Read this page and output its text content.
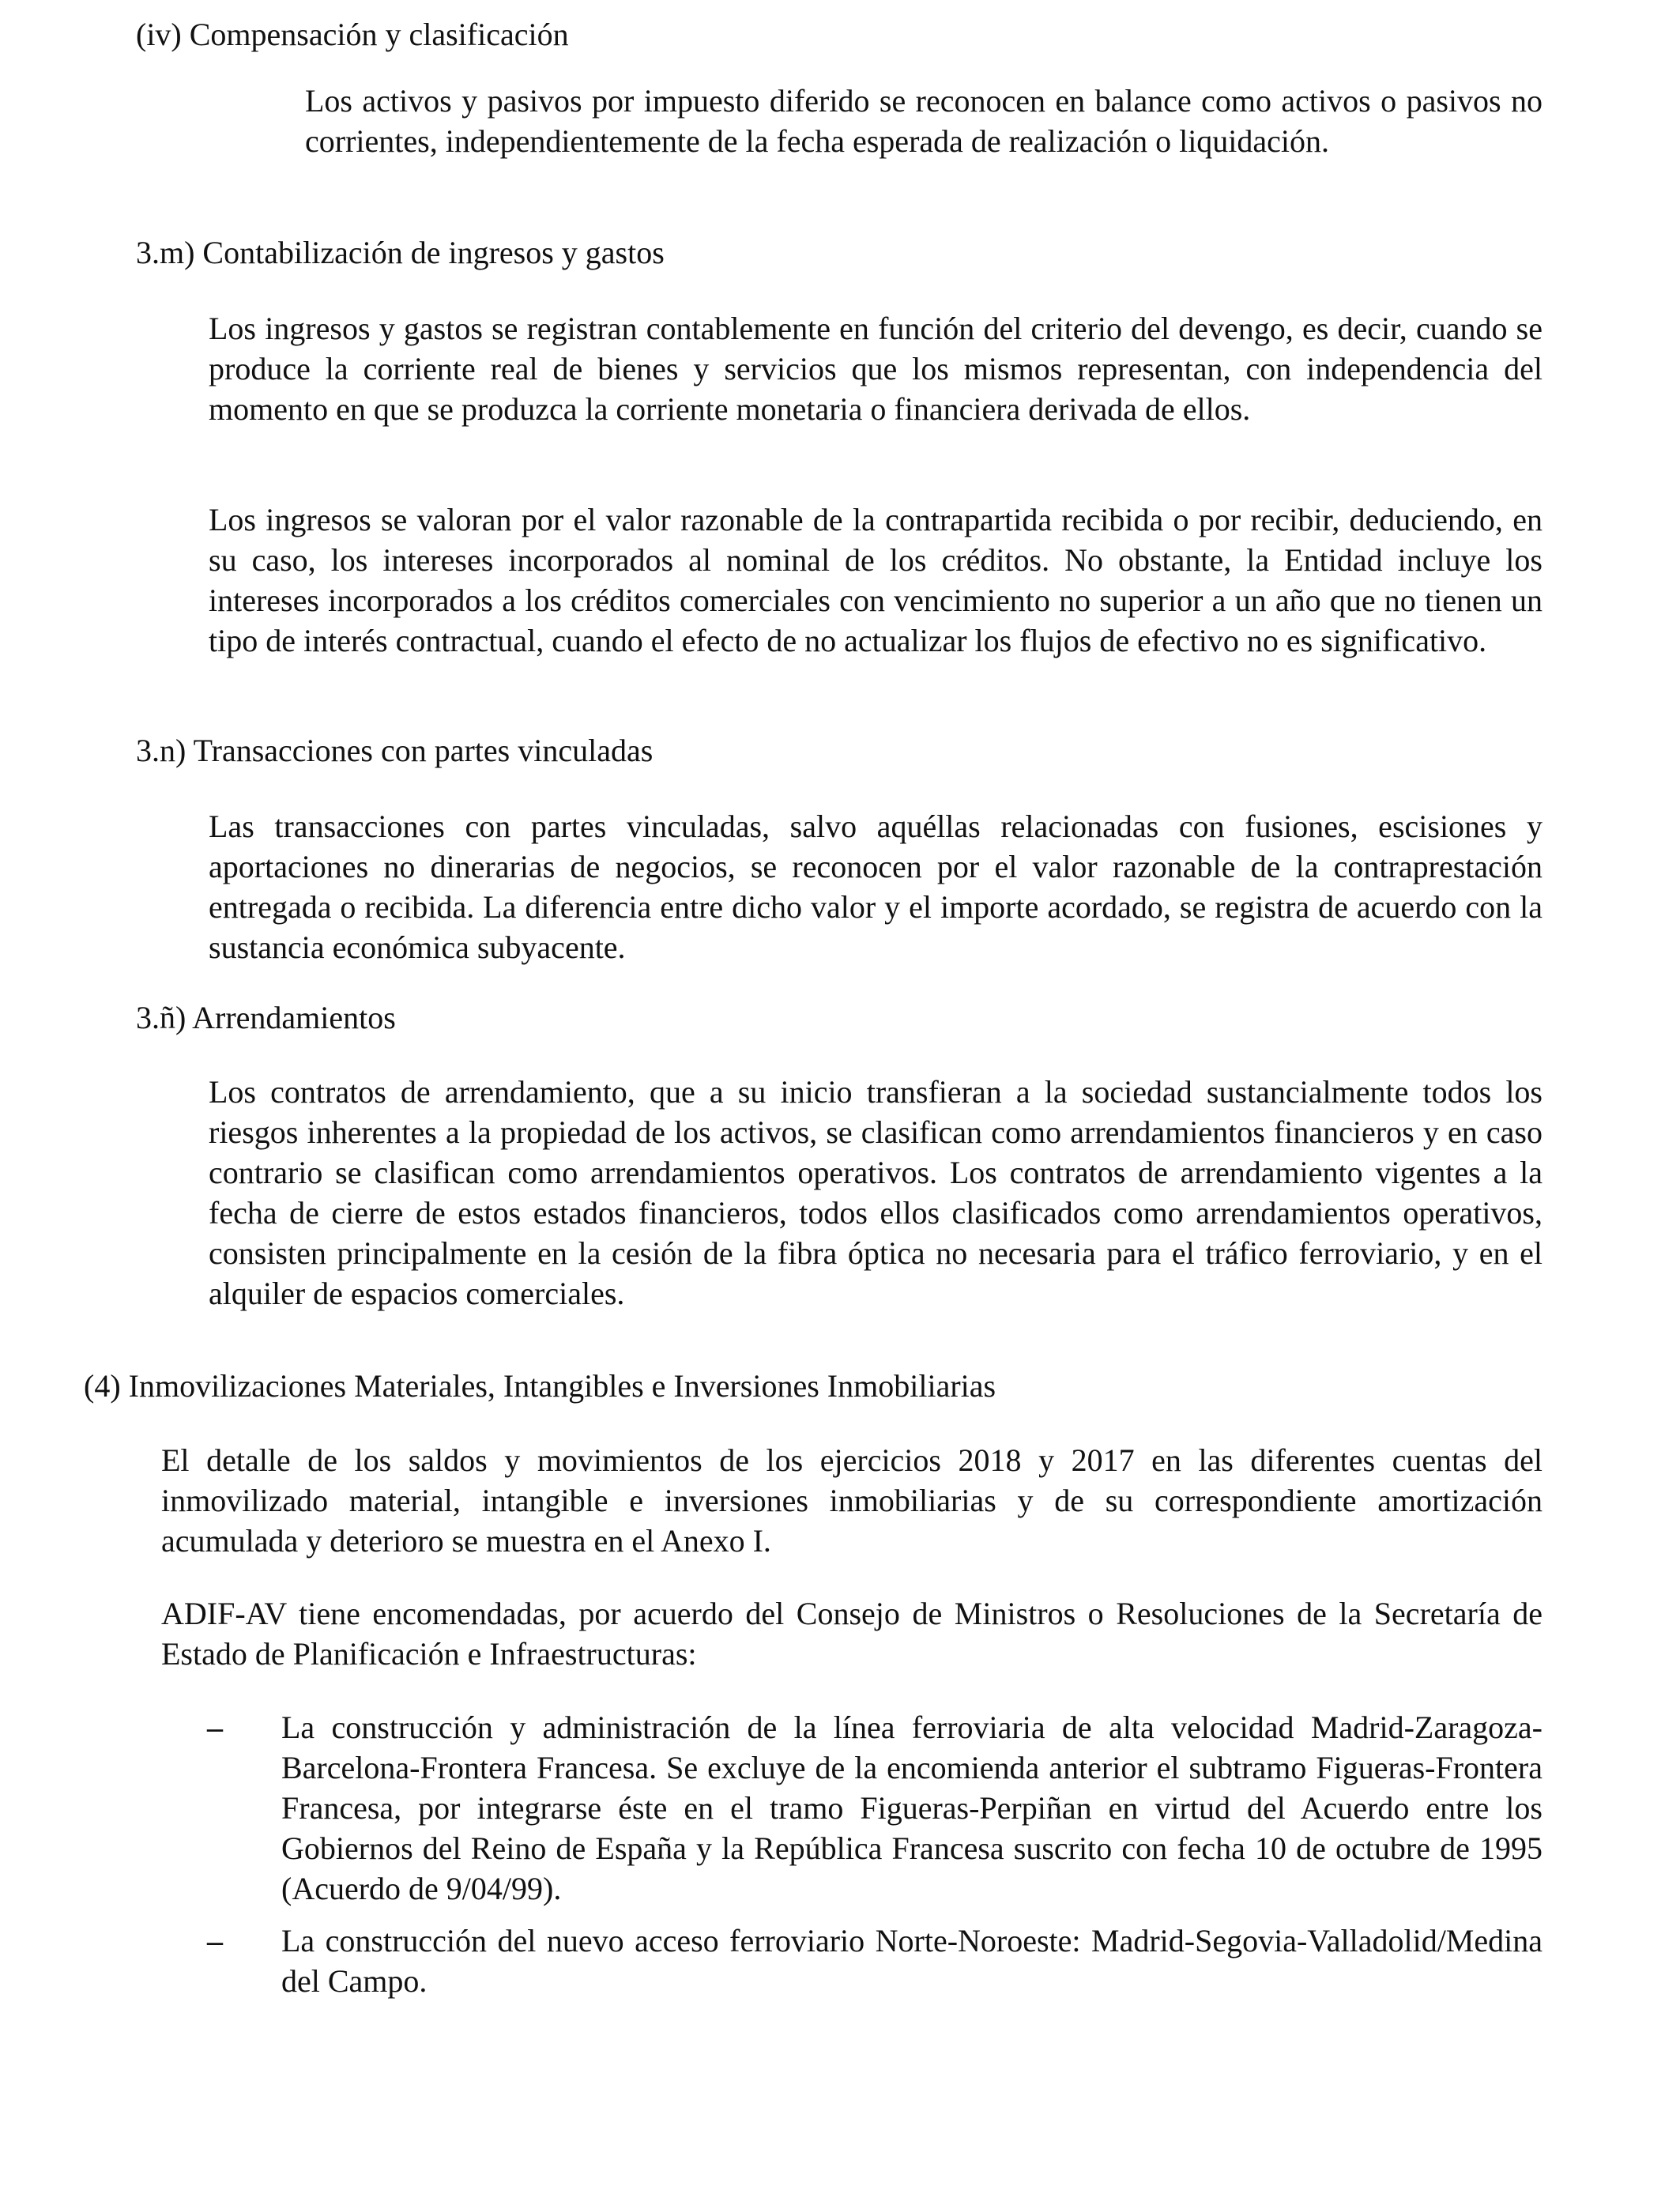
(iv) Compensación y clasificación

Los activos y pasivos por impuesto diferido se reconocen en balance como activos o pasivos no corrientes, independientemente de la fecha esperada de realización o liquidación.

3.m) Contabilización de ingresos y gastos

Los ingresos y gastos se registran contablemente en función del criterio del devengo, es decir, cuando se produce la corriente real de bienes y servicios que los mismos representan, con independencia del momento en que se produzca la corriente monetaria o financiera derivada de ellos.

Los ingresos se valoran por el valor razonable de la contrapartida recibida o por recibir, deduciendo, en su caso, los intereses incorporados al nominal de los créditos. No obstante, la Entidad incluye los intereses incorporados a los créditos comerciales con vencimiento no superior a un año que no tienen un tipo de interés contractual, cuando el efecto de no actualizar los flujos de efectivo no es significativo.

3.n) Transacciones con partes vinculadas

Las transacciones con partes vinculadas, salvo aquéllas relacionadas con fusiones, escisiones y aportaciones no dinerarias de negocios, se reconocen por el valor razonable de la contraprestación entregada o recibida. La diferencia entre dicho valor y el importe acordado, se registra de acuerdo con la sustancia económica subyacente.

3.ñ) Arrendamientos

Los contratos de arrendamiento, que a su inicio transfieran a la sociedad sustancialmente todos los riesgos inherentes a la propiedad de los activos, se clasifican como arrendamientos financieros y en caso contrario se clasifican como arrendamientos operativos. Los contratos de arrendamiento vigentes a la fecha de cierre de estos estados financieros, todos ellos clasificados como arrendamientos operativos, consisten principalmente en la cesión de la fibra óptica no necesaria para el tráfico ferroviario, y en el alquiler de espacios comerciales.

(4) Inmovilizaciones Materiales, Intangibles e Inversiones Inmobiliarias

El detalle de los saldos y movimientos de los ejercicios 2018 y 2017 en las diferentes cuentas del inmovilizado material, intangible e inversiones inmobiliarias y de su correspondiente amortización acumulada y deterioro se muestra en el Anexo I.

ADIF-AV tiene encomendadas, por acuerdo del Consejo de Ministros o Resoluciones de la Secretaría de Estado de Planificación e Infraestructuras:

– La construcción y administración de la línea ferroviaria de alta velocidad Madrid-Zaragoza-Barcelona-Frontera Francesa. Se excluye de la encomienda anterior el subtramo Figueras-Frontera Francesa, por integrarse éste en el tramo Figueras-Perpiñan en virtud del Acuerdo entre los Gobiernos del Reino de España y la República Francesa suscrito con fecha 10 de octubre de 1995 (Acuerdo de 9/04/99).

– La construcción del nuevo acceso ferroviario Norte-Noroeste: Madrid-Segovia-Valladolid/Medina del Campo.
